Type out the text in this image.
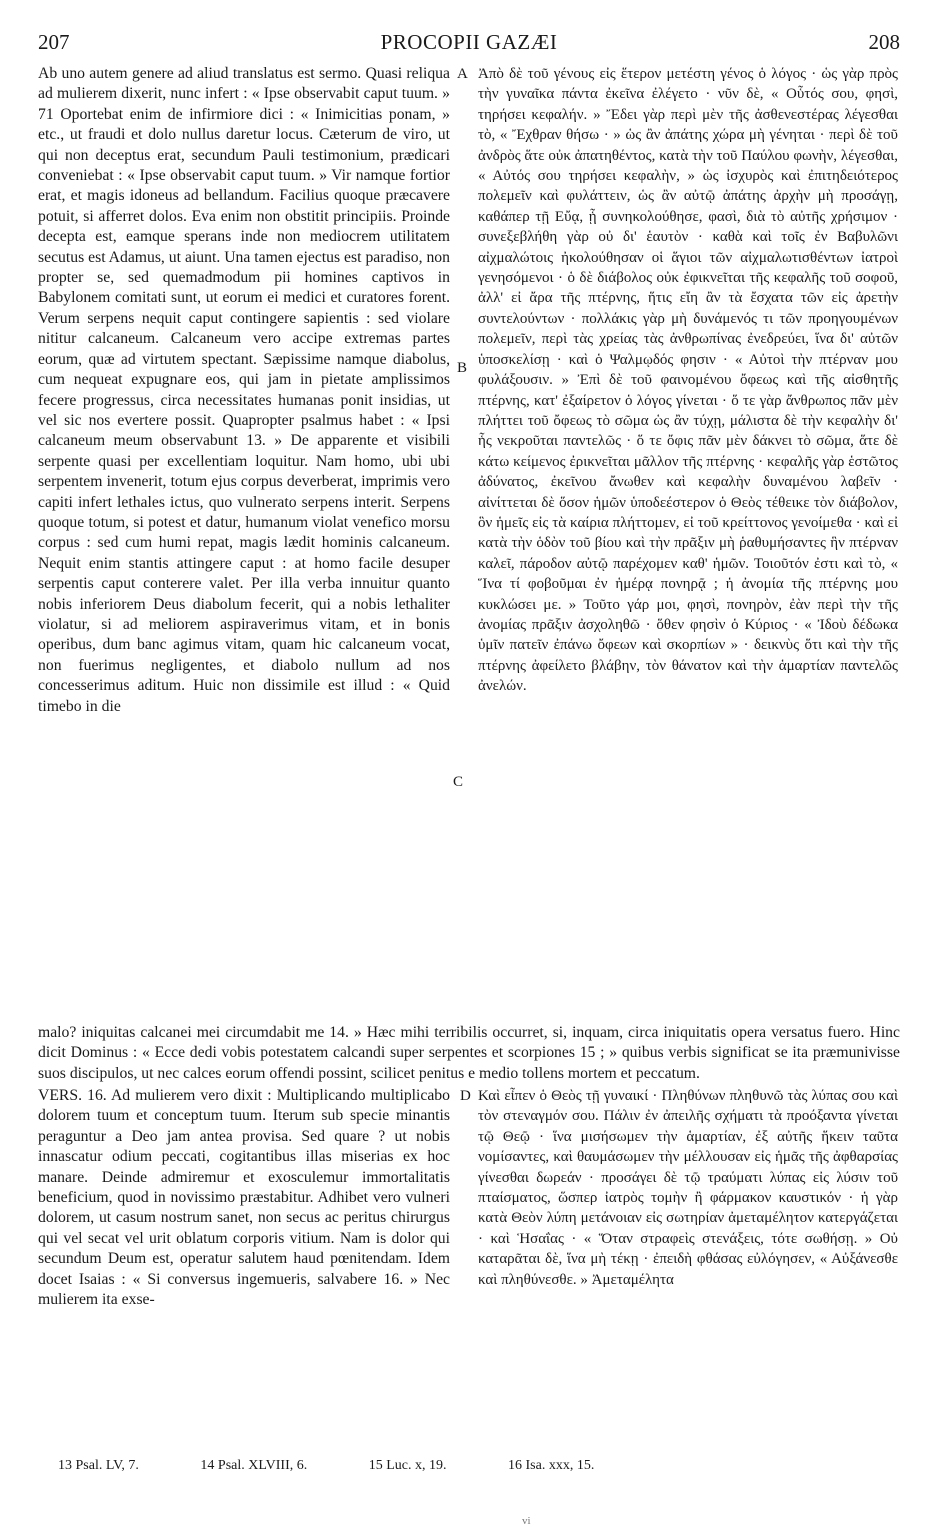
207	PROCOPII GAZÆI	208

Ab uno autem genere ad aliud translatus est sermo. Quasi reliqua ad mulierem dixerit, nunc infert : « Ipse observabit caput tuum. » 71 Oportebat enim de infirmiore dici : « Inimicitias ponam, » etc., ut fraudi et dolo nullus daretur locus. Cæterum de viro, ut qui non deceptus erat, secundum Pauli testimonium, prædicari conveniebat : « Ipse observabit caput tuum. » Vir namque fortior erat, et magis idoneus ad bellandum. Facilius quoque præcavere potuit, si afferret dolos. Eva enim non obstitit principiis. Proinde decepta est, eamque sperans inde non mediocrem utilitatem secutus est Adamus, ut aiunt. Una tamen ejectus est paradiso, non propter se, sed quemadmodum pii homines captivos in Babylonem comitati sunt, ut eorum ei medici et curatores forent. Verum serpens nequit caput contingere sapientis : sed violare nititur calcaneum. Calcaneum vero accipe extremas partes eorum, quæ ad virtutem spectant. Sæpissime namque diabolus, cum nequeat expugnare eos, qui jam in pietate amplissimos fecere progressus, circa necessitates humanas ponit insidias, ut vel sic nos evertere possit. Quapropter psalmus habet : « Ipsi calcaneum meum observabunt 13. » De apparente et visibili serpente quasi per excellentiam loquitur. Nam homo, ubi ubi serpentem invenerit, totum ejus corpus deverberat, imprimis vero capiti infert lethales ictus, quo vulnerato serpens interit. Serpens quoque totum, si potest et datur, humanum violat venefico morsu corpus : sed cum humi repat, magis lædit hominis calcaneum. Nequit enim stantis attingere caput : at homo facile desuper serpentis caput conterere valet. Per illa verba innuitur quanto nobis inferiorem Deus diabolum fecerit, qui a nobis lethaliter violatur, si ad meliorem aspiraverimus vitam, et in bonis operibus, dum banc agimus vitam, quam hic calcaneum vocat, non fuerimus negligentes, et diabolo nullum ad nos concesserimus aditum. Huic non dissimile est illud : « Quid timebo in die

A
B
C

Ἀπὸ δὲ τοῦ γένους εἰς ἕτερον μετέστη γένος ὁ λόγος · ὡς γὰρ πρὸς τὴν γυναῖκα πάντα ἐκεῖνα ἐλέγετο · νῦν δὲ, « Οὗτός σου, φησὶ, τηρήσει κεφαλήν. » Ἔδει γὰρ περὶ μὲν τῆς ἀσθενεστέρας λέγεσθαι τὸ, « Ἔχθραν θήσω · » ὡς ἂν ἀπάτης χώρα μὴ γένηται · περὶ δὲ τοῦ ἀνδρὸς ἅτε οὐκ ἀπατηθέντος, κατὰ τὴν τοῦ Παύλου φωνὴν, λέγεσθαι, « Αὐτός σου τηρήσει κεφαλὴν, » ὡς ἰσχυρὸς καὶ ἐπιτηδειότερος πολεμεῖν καὶ φυλάττειν, ὡς ἂν αὐτῷ ἀπάτης ἀρχὴν μὴ προσάγῃ, καθάπερ τῇ Εὔᾳ, ᾗ συνηκολούθησε, φασὶ, διὰ τὸ αὐτῆς χρήσιμον · συνεξεβλήθη γὰρ οὐ δι' ἑαυτὸν · καθὰ καὶ τοῖς ἐν Βαβυλῶνι αἰχμαλώτοις ἠκολούθησαν οἱ ἅγιοι τῶν αἰχμαλωτισθέντων ἰατροὶ γενησόμενοι · ὁ δὲ διάβολος οὐκ ἐφικνεῖται τῆς κεφαλῆς τοῦ σοφοῦ, ἀλλ' εἰ ἄρα τῆς πτέρνης, ἥτις εἴη ἂν τὰ ἔσχατα τῶν εἰς ἀρετὴν συντελούντων · πολλάκις γὰρ μὴ δυνάμενός τι τῶν προηγουμένων πολεμεῖν, περὶ τὰς χρείας τὰς ἀνθρωπίνας ἐνεδρεύει, ἵνα δι' αὐτῶν ὑποσκελίσῃ · καὶ ὁ Ψαλμῳδός φησιν · « Αὐτοὶ τὴν πτέρναν μου φυλάξουσιν. » Ἐπὶ δὲ τοῦ φαινομένου ὄφεως καὶ τῆς αἰσθητῆς πτέρνης, κατ' ἐξαίρετον ὁ λόγος γίνεται · ὅ τε γὰρ ἄνθρωπος πᾶν μὲν πλήττει τοῦ ὄφεως τὸ σῶμα ὡς ἂν τύχῃ, μάλιστα δὲ τὴν κεφαλὴν δι' ἧς νεκροῦται παντελῶς · ὅ τε ὄφις πᾶν μὲν δάκνει τὸ σῶμα, ἅτε δὲ κάτω κείμενος ἐρικνεῖται μᾶλλον τῆς πτέρνης · κεφαλῆς γὰρ ἑστῶτος ἀδύνατος, ἐκεῖνου ἄνωθεν καὶ κεφαλὴν δυναμένου λαβεῖν · αἰνίττεται δὲ ὅσον ἡμῶν ὑποδεέστερον ὁ Θεὸς τέθεικε τὸν διάβολον, ὃν ἡμεῖς εἰς τὰ καίρια πλήττομεν, εἰ τοῦ κρείττονος γενοίμεθα · καὶ εἰ κατὰ τὴν ὁδὸν τοῦ βίου καὶ τὴν πρᾶξιν μὴ ῥαθυμήσαντες ἣν πτέρναν καλεῖ, πάροδον αὐτῷ παρέχομεν καθ' ἡμῶν. Τοιοῦτόν ἐστι καὶ τὸ, « Ἵνα τί φοβοῦμαι ἐν ἡμέρᾳ πονηρᾷ ; ἡ ἀνομία τῆς πτέρνης μου κυκλώσει με. » Τοῦτο γάρ μοι, φησὶ, πονηρὸν, ἐὰν περὶ τὴν τῆς ἀνομίας πρᾶξιν ἀσχοληθῶ · ὅθεν φησὶν ὁ Κύριος · « Ἰδοὺ δέδωκα ὑμῖν πατεῖν ἐπάνω ὄφεων καὶ σκορπίων » · δεικνὺς ὅτι καὶ τὴν τῆς πτέρνης ἀφείλετο βλάβην, τὸν θάνατον καὶ τὴν ἁμαρτίαν παντελῶς ἀνελών.

malo? iniquitas calcanei mei circumdabit me 14. » Hæc mihi terribilis occurret, si, inquam, circa iniquitatis opera versatus fuero. Hinc dicit Dominus : « Ecce dedi vobis potestatem calcandi super serpentes et scorpiones 15 ; » quibus verbis significat se ita præmunivisse suos discipulos, ut nec calces eorum offendi possint, scilicet penitus e medio tollens mortem et peccatum.

VERS. 16. Ad mulierem vero dixit : Multiplicando multiplicabo dolorem tuum et conceptum tuum. Iterum sub specie minantis peraguntur a Deo jam antea provisa. Sed quare ? ut nobis innascatur odium peccati, cogitantibus illas miserias ex hoc manare. Deinde admiremur et exosculemur immortalitatis beneficium, quod in novissimo præstabitur. Adhibet vero vulneri dolorem, ut casum nostrum sanet, non secus ac peritus chirurgus qui vel secat vel urit oblatum corporis vitium. Nam is dolor qui secundum Deum est, operatur salutem haud pœnitendam. Idem docet Isaias : « Si conversus ingemueris, salvabere 16. » Nec mulierem ita exse-

D Καὶ εἶπεν ὁ Θεὸς τῇ γυναικί · Πληθύνων πληθυνῶ τὰς λύπας σου καὶ τὸν στεναγμόν σου. Πάλιν ἐν ἀπειλῆς σχήματι τὰ προόξαντα γίνεται τῷ Θεῷ · ἵνα μισήσωμεν τὴν ἁμαρτίαν, ἐξ αὐτῆς ἥκειν ταῦτα νομίσαντες, καὶ θαυμάσωμεν τὴν μέλλουσαν εἰς ἡμᾶς τῆς ἀφθαρσίας γίνεσθαι δωρεάν · προσάγει δὲ τῷ τραύματι λύπας εἰς λύσιν τοῦ πταίσματος, ὥσπερ ἰατρὸς τομὴν ἢ φάρμακον καυστικόν · ἡ γὰρ κατὰ Θεὸν λύπη μετάνοιαν εἰς σωτηρίαν ἀμεταμέλητον κατεργάζεται · καὶ Ἡσαΐας · « Ὅταν στραφεὶς στενάξεις, τότε σωθήσῃ. » Οὐ καταρᾶται δὲ, ἵνα μὴ τέκῃ · ἐπειδὴ φθάσας εὐλόγησεν, « Αὐξάνεσθε καὶ πληθύνεσθε. » Ἀμεταμέλητα

13 Psal. LV, 7.	14 Psal. XLVIII, 6.	15 Luc. x, 19.	16 Isa. xxx, 15.
vi
